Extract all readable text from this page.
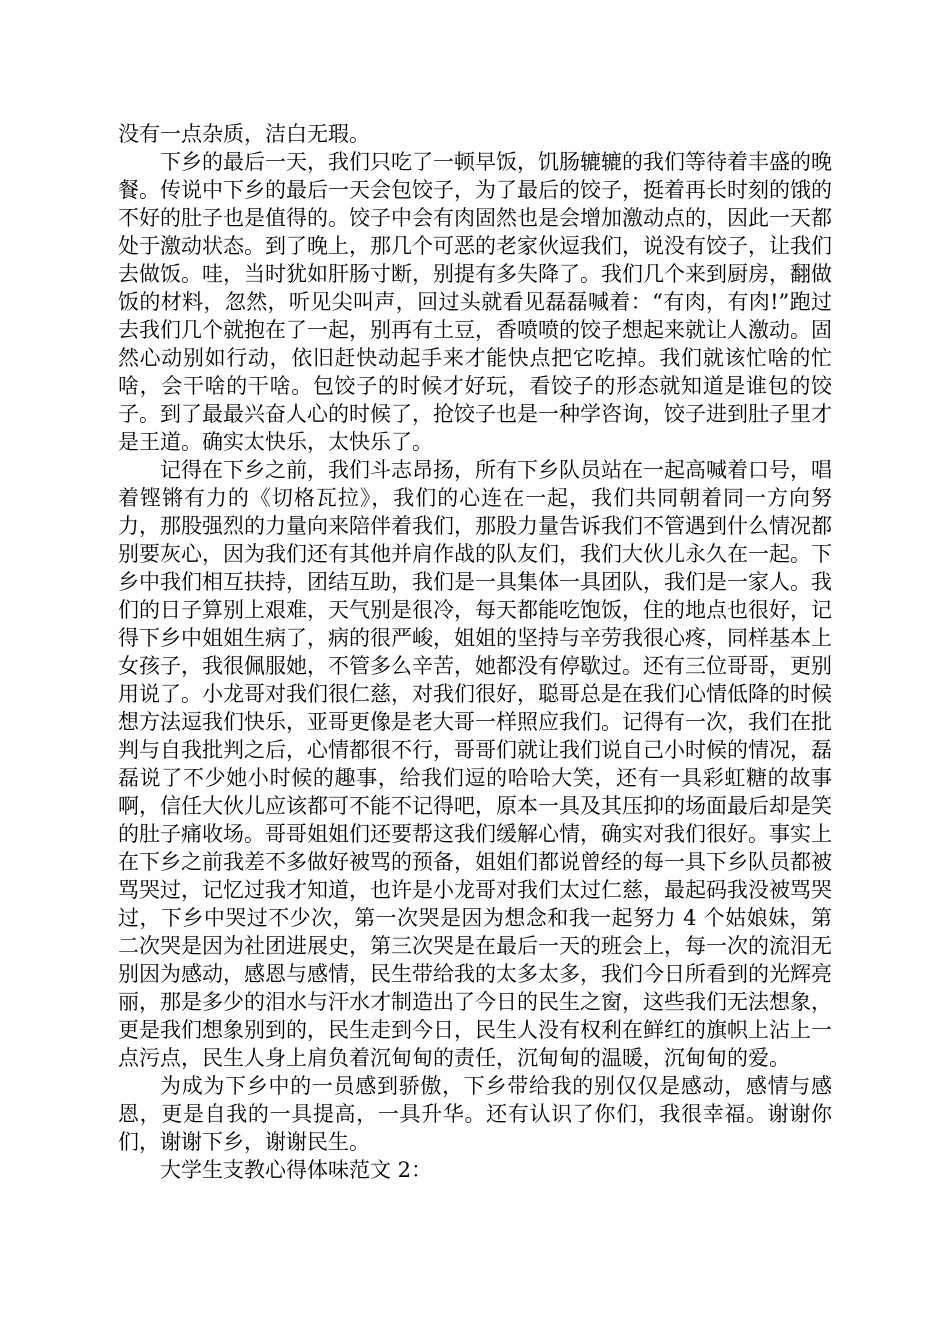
没有一点杂质，洁白无瑕。

下乡的最后一天，我们只吃了一顿早饭，饥肠辘辘的我们等待着丰盛的晚餐。传说中下乡的最后一天会包饺子，为了最后的饺子，挺着再长时刻的饿的不好的肚子也是值得的。饺子中会有肉固然也是会增加激动点的，因此一天都处于激动状态。到了晚上，那几个可恶的老家伙逗我们，说没有饺子，让我们去做饭。哇，当时犹如肝肠寸断，别提有多失降了。我们几个来到厨房，翻做饭的材料，忽然，听见尖叫声，回过头就看见磊磊喊着：“有肉，有肉!”跑过去我们几个就抱在了一起，别再有土豆，香喷喷的饺子想起来就让人激动。固然心动别如行动，依旧赶快动起手来才能快点把它吃掉。我们就该忙啥的忙啥，会干啥的干啥。包饺子的时候才好玩，看饺子的形态就知道是谁包的饺子。到了最最兴奋人心的时候了，抢饺子也是一种学咨询，饺子进到肚子里才是王道。确实太快乐，太快乐了。

记得在下乡之前，我们斗志昂扬，所有下乡队员站在一起高喊着口号，唱着铿锵有力的《切格瓦拉》，我们的心连在一起，我们共同朝着同一方向努力，那股强烈的力量向来陪伴着我们，那股力量告诉我们不管遇到什么情况都别要灰心，因为我们还有其他并肩作战的队友们，我们大伙儿永久在一起。下乡中我们相互扶持，团结互助，我们是一具集体一具团队，我们是一家人。我们的日子算别上艰难，天气别是很冷，每天都能吃饱饭，住的地点也很好，记得下乡中姐姐生病了，病的很严峻，姐姐的坚持与辛劳我很心疼，同样基本上女孩子，我很佩服她，不管多么辛苦，她都没有停歇过。还有三位哥哥，更别用说了。小龙哥对我们很仁慈，对我们很好，聪哥总是在我们心情低降的时候想方法逗我们快乐，亚哥更像是老大哥一样照应我们。记得有一次，我们在批判与自我批判之后，心情都很不行，哥哥们就让我们说自己小时候的情况，磊磊说了不少她小时候的趣事，给我们逗的哈哈大笑，还有一具彩虹糖的故事啊，信任大伙儿应该都可不能不记得吧，原本一具及其压抑的场面最后却是笑的肚子痛收场。哥哥姐姐们还要帮这我们缓解心情，确实对我们很好。事实上在下乡之前我差不多做好被骂的预备，姐姐们都说曾经的每一具下乡队员都被骂哭过，记忆过我才知道，也许是小龙哥对我们太过仁慈，最起码我没被骂哭过，下乡中哭过不少次，第一次哭是因为想念和我一起努力 4 个姑娘妹，第二次哭是因为社团进展史，第三次哭是在最后一天的班会上，每一次的流泪无别因为感动，感恩与感情，民生带给我的太多太多，我们今日所看到的光辉亮丽，那是多少的泪水与汗水才制造出了今日的民生之窗，这些我们无法想象，更是我们想象别到的，民生走到今日，民生人没有权利在鲜红的旗帜上沾上一点污点，民生人身上肩负着沉甸甸的责任，沉甸甸的温暖，沉甸甸的爱。

为成为下乡中的一员感到骄傲，下乡带给我的别仅仅是感动，感情与感恩，更是自我的一具提高，一具升华。还有认识了你们，我很幸福。谢谢你们，谢谢下乡，谢谢民生。

大学生支教心得体味范文 2：
